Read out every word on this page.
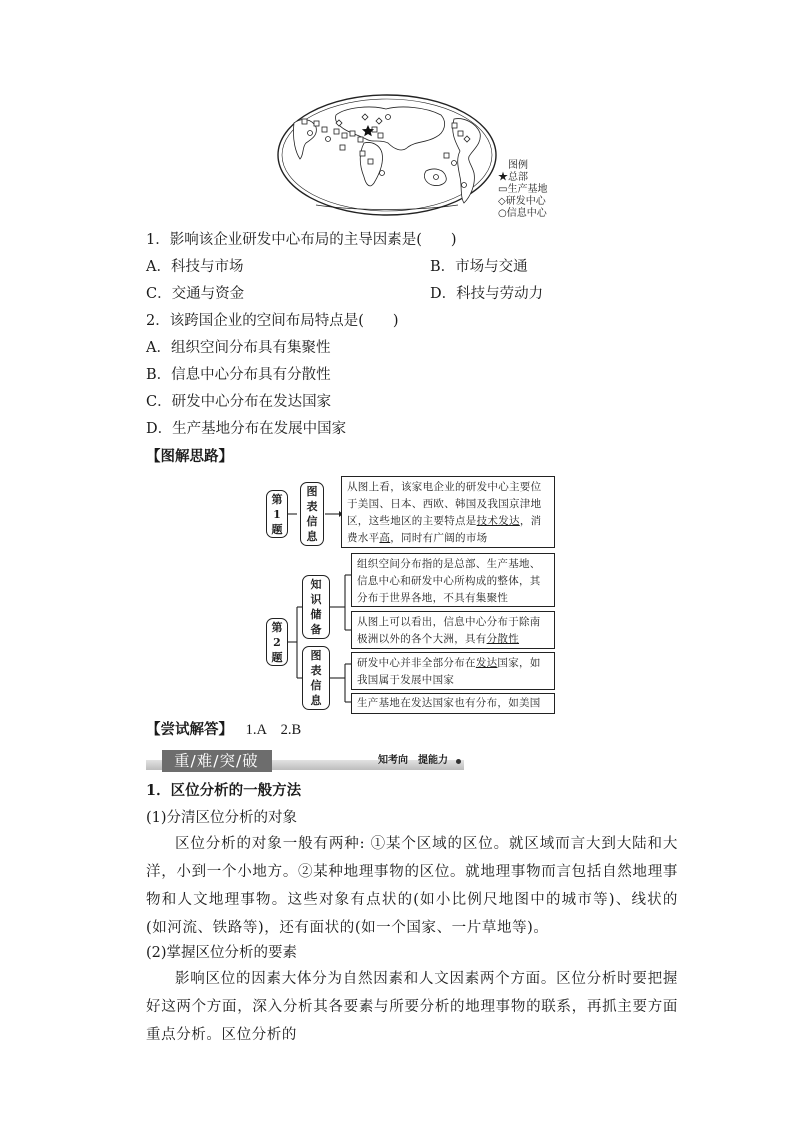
图例
★总部
▭生产基地
◇研发中心
○信息中心
1．影响该企业研发中心布局的主导因素是(　　)
A．科技与市场	B．市场与交通
C．交通与资金	D．科技与劳动力
2．该跨国企业的空间布局特点是(　　)
A．组织空间分布具有集聚性
B．信息中心分布具有分散性
C．研发中心分布在发达国家
D．生产基地分布在发展中国家
【图解思路】
第
1
题
图
表
信
息
从图上看，该家电企业的研发中心主要位于美国、日本、西欧、韩国及我国京津地区，这些地区的主要特点是技术发达，消费水平高，同时有广阔的市场
第
2
题
知
识
储
备
图
表
信
息
组织空间分布指的是总部、生产基地、信息中心和研发中心所构成的整体，其分布于世界各地，不具有集聚性
从图上可以看出，信息中心分布于除南极洲以外的各个大洲，具有分散性
研发中心并非全部分布在发达国家，如我国属于发展中国家
生产基地在发达国家也有分布，如美国
【尝试解答】 1.A　2.B
重/难/突/破	知考向　提能力
1．区位分析的一般方法
(1)分清区位分析的对象
区位分析的对象一般有两种: ①某个区域的区位。就区域而言大到大陆和大洋，小到一个小地方。②某种地理事物的区位。就地理事物而言包括自然地理事物和人文地理事物。这些对象有点状的(如小比例尺地图中的城市等)、线状的(如河流、铁路等)，还有面状的(如一个国家、一片草地等)。
(2)掌握区位分析的要素
影响区位的因素大体分为自然因素和人文因素两个方面。区位分析时要把握好这两个方面，深入分析其各要素与所要分析的地理事物的联系，再抓主要方面重点分析。区位分析的
